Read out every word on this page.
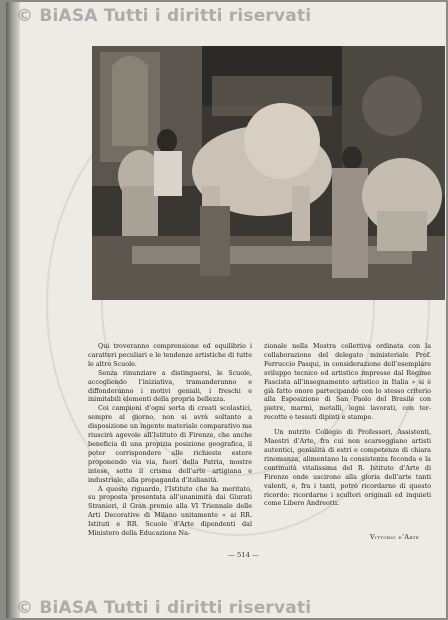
© BiASA Tutti i diritti riservati

Qui troveranno comprensione ed equilibrio i caratteri peculiari e le tendenze artistiche di tutte le altre Scuole.

Senza rinunziare a distinguersi, le Scuole, accogliendo l’iniziativa, tramanderanno e diffonderanno i motivi geniali, i freschi e inimitabili elementi della propria bellezza.

Coi campioni d’ogni sorta di creati scolastici, sempre al giorno, non si avrà soltanto a disposizione un ingente materiale comparativo ma riuscirà agevole all’Istituto di Firenze, che anche beneficia di una propizia posizione geografica, il poter corrispondere alle richieste estere proponendo via via, fuori della Patria, mostre intese, sotto il crisma dell’arte artigiana e industriale, alla propaganda d’italianità.

A questo riguardo, l’Istituto che ha meritato, su proposta presentata all’unanimità dai Giurati Stranieri, il Gran premio alla VI Triennale delle Arti Decorative di Milano unitamente « ai RR. Istituti e RR. Scuole d’Arte dipendenti dal Ministero della Educazione Na-

zionale nella Mostra collettiva ordinata con la collaborazione del delegato ministeriale Prof. Ferruccio Pasqui, in considerazione dell’esemplare sviluppo tecnico ed artistico impresso dal Regime Fascista all’insegnamento artistico in Italia » si è già fatto onore partecipando con lo stesso criterio alla Esposizione di San Paolo del Brasile con pietre, marmi, metalli, legni lavorati, con terrecotte e tessuti dipinti e stampe.

Un nutrito Collegio di Professori, Assistenti, Maestri d’Arte, fra cui non scarseggiano artisti autentici, genialità di estri e competenze di chiara rinomanza, alimentano la consistenza feconda e la continuità vitalissima del R. Istituto d’Arte di Firenze onde uscirono alla gloria dell’arte tanti valenti, e, fra i tanti, potrò ricordarne di questo ricordo: ricordarne i scultori originali ed inquieti come Libero Andreotti.

Vittorio d’Arte
— 514 —
© BiASA Tutti i diritti riservati
